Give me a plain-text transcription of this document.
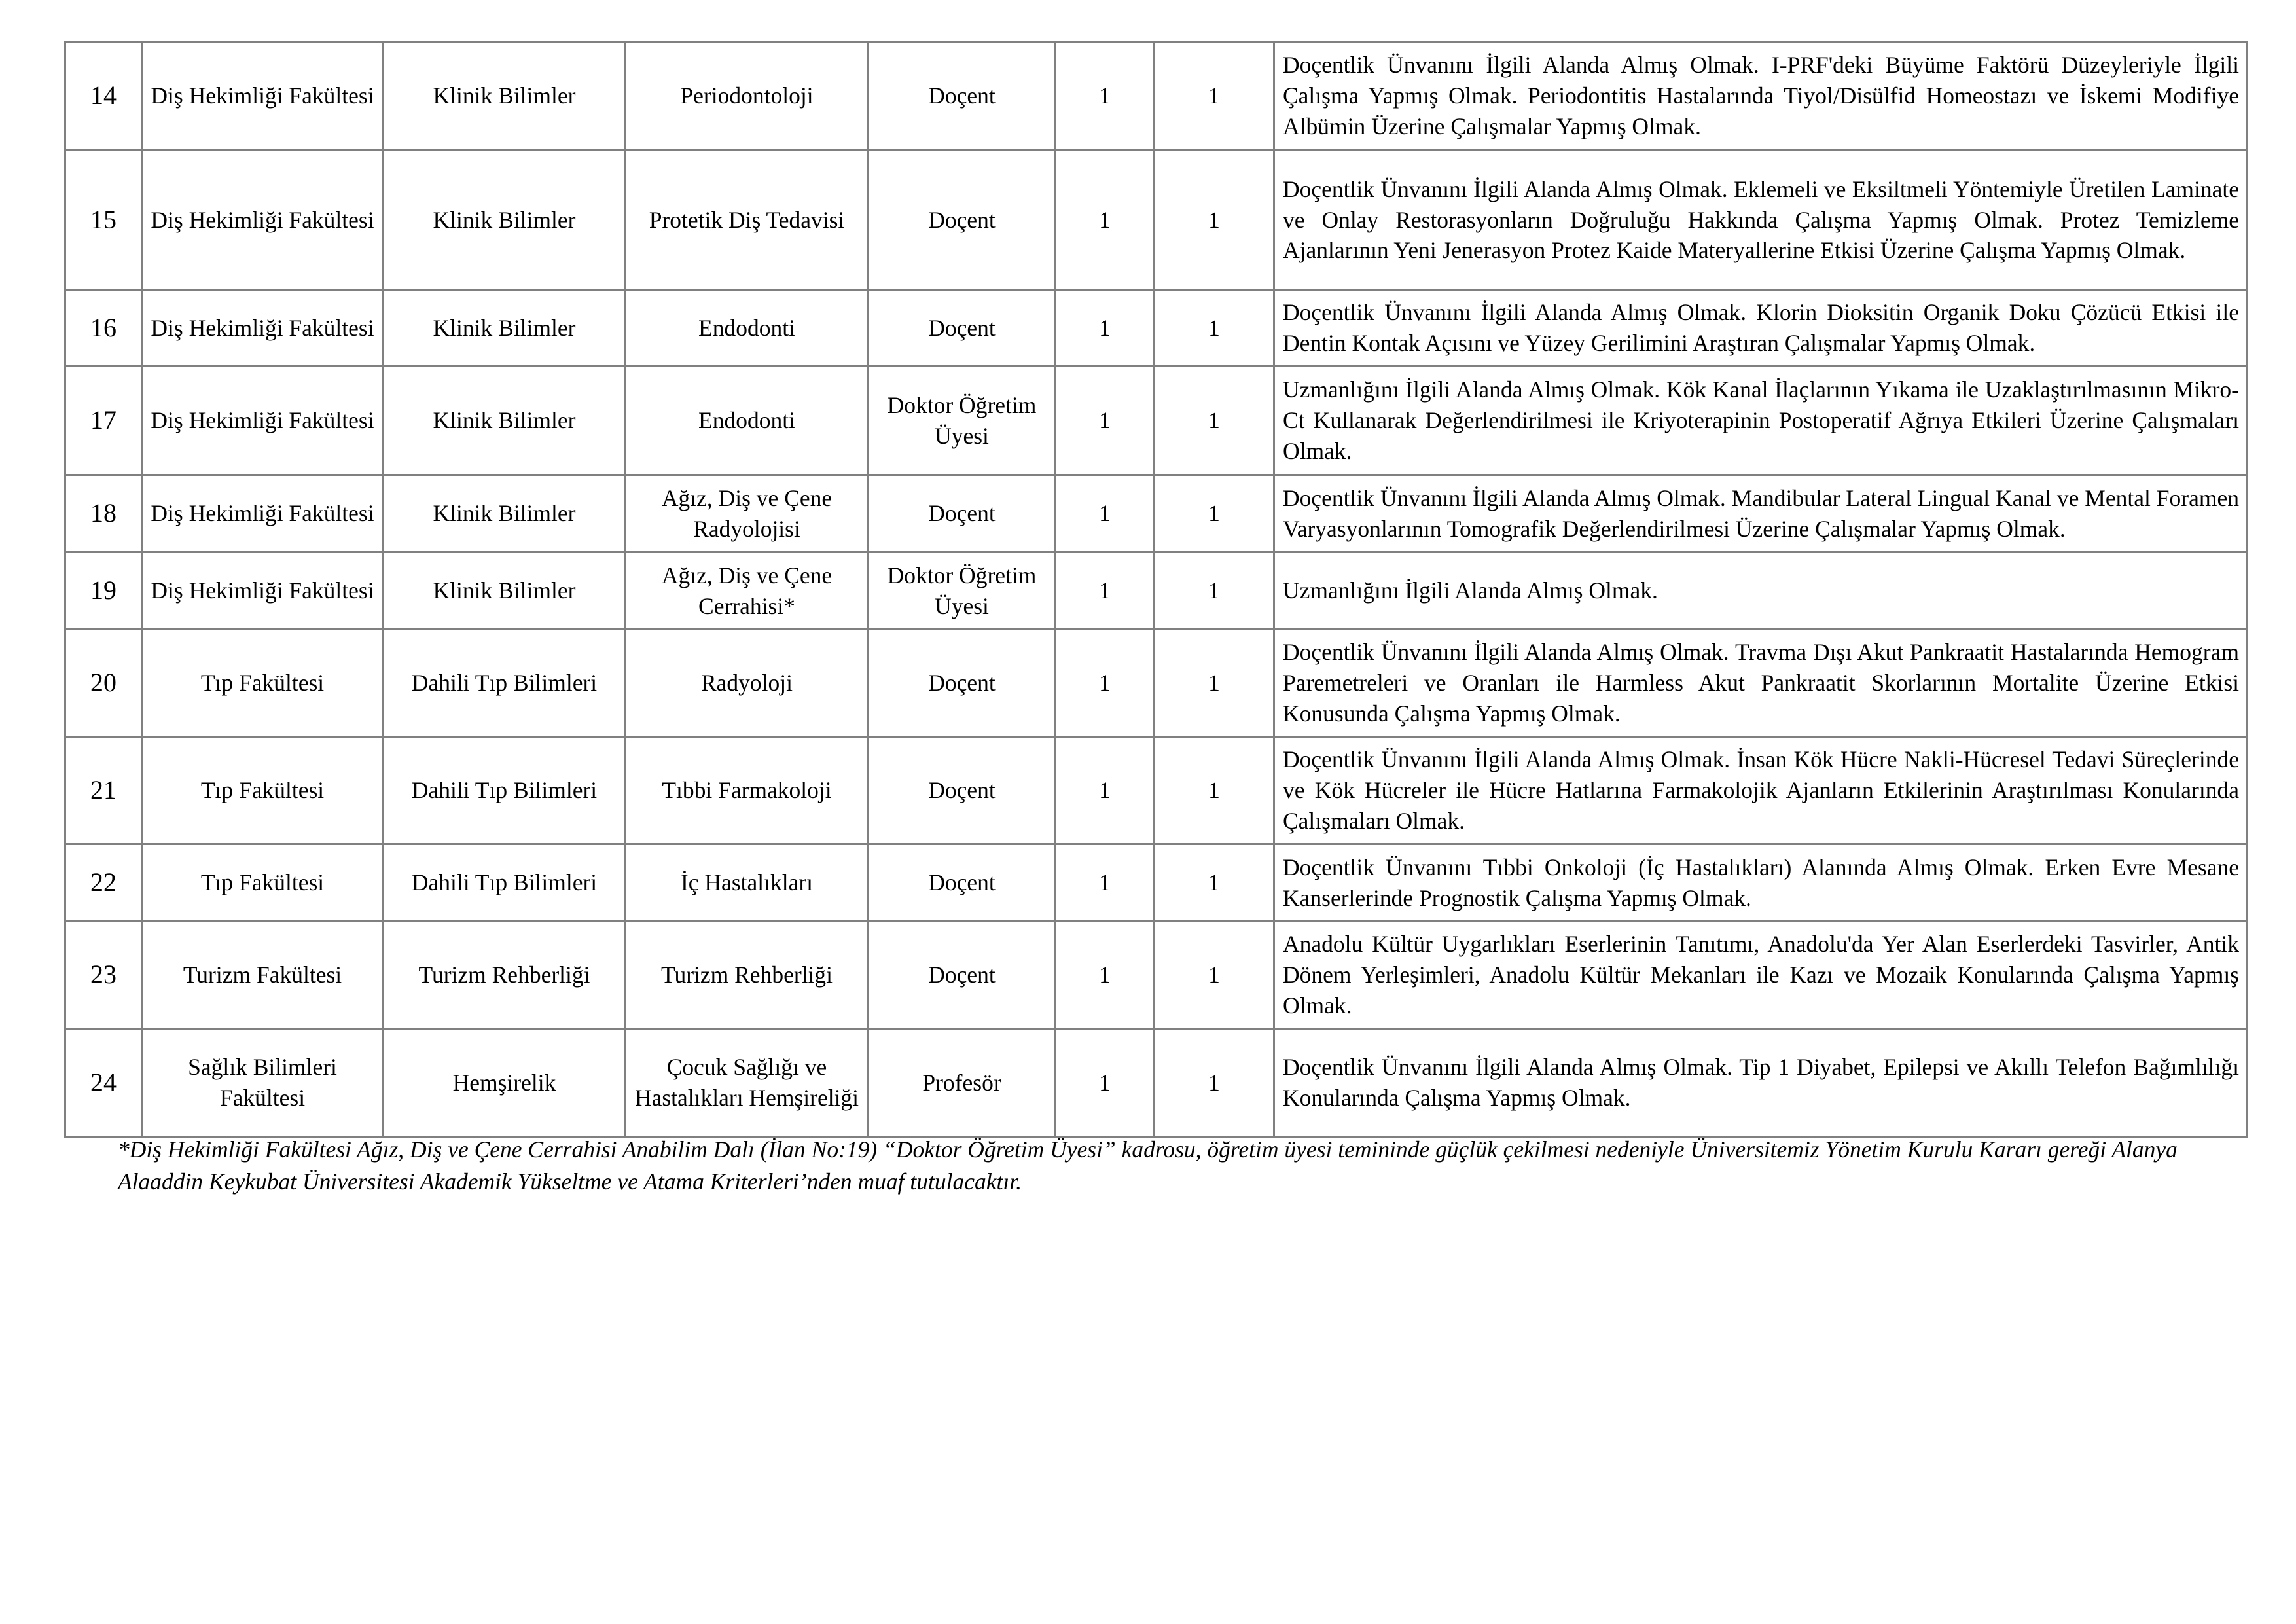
14	Diş Hekimliği Fakültesi	Klinik Bilimler	Periodontoloji	Doçent	1	1	Doçentlik Ünvanını İlgili Alanda Almış Olmak. I-PRF'deki Büyüme Faktörü Düzeyleriyle İlgili Çalışma Yapmış Olmak. Periodontitis Hastalarında Tiyol/Disülfid Homeostazı ve İskemi Modifiye Albümin Üzerine Çalışmalar Yapmış Olmak.
15	Diş Hekimliği Fakültesi	Klinik Bilimler	Protetik Diş Tedavisi	Doçent	1	1	Doçentlik Ünvanını İlgili Alanda Almış Olmak. Eklemeli ve Eksiltmeli Yöntemiyle Üretilen Laminate ve Onlay Restorasyonların Doğruluğu Hakkında Çalışma Yapmış Olmak. Protez Temizleme Ajanlarının Yeni Jenerasyon Protez Kaide Materyallerine Etkisi Üzerine Çalışma Yapmış Olmak.
16	Diş Hekimliği Fakültesi	Klinik Bilimler	Endodonti	Doçent	1	1	Doçentlik Ünvanını İlgili Alanda Almış Olmak. Klorin Dioksitin Organik Doku Çözücü Etkisi ile Dentin Kontak Açısını ve Yüzey Gerilimini Araştıran Çalışmalar Yapmış Olmak.
17	Diş Hekimliği Fakültesi	Klinik Bilimler	Endodonti	Doktor Öğretim Üyesi	1	1	Uzmanlığını İlgili Alanda Almış Olmak. Kök Kanal İlaçlarının Yıkama ile Uzaklaştırılmasının Mikro-Ct Kullanarak Değerlendirilmesi ile Kriyoterapinin Postoperatif Ağrıya Etkileri Üzerine Çalışmaları Olmak.
18	Diş Hekimliği Fakültesi	Klinik Bilimler	Ağız, Diş ve Çene Radyolojisi	Doçent	1	1	Doçentlik Ünvanını İlgili Alanda Almış Olmak. Mandibular Lateral Lingual Kanal ve Mental Foramen Varyasyonlarının Tomografik Değerlendirilmesi Üzerine Çalışmalar Yapmış Olmak.
19	Diş Hekimliği Fakültesi	Klinik Bilimler	Ağız, Diş ve Çene Cerrahisi*	Doktor Öğretim Üyesi	1	1	Uzmanlığını İlgili Alanda Almış Olmak.
20	Tıp Fakültesi	Dahili Tıp Bilimleri	Radyoloji	Doçent	1	1	Doçentlik Ünvanını İlgili Alanda Almış Olmak. Travma Dışı Akut Pankraatit Hastalarında Hemogram Paremetreleri ve Oranları ile Harmless Akut Pankraatit Skorlarının Mortalite Üzerine Etkisi Konusunda Çalışma Yapmış Olmak.
21	Tıp Fakültesi	Dahili Tıp Bilimleri	Tıbbi Farmakoloji	Doçent	1	1	Doçentlik Ünvanını İlgili Alanda Almış Olmak. İnsan Kök Hücre Nakli-Hücresel Tedavi Süreçlerinde ve Kök Hücreler ile Hücre Hatlarına Farmakolojik Ajanların Etkilerinin Araştırılması Konularında Çalışmaları Olmak.
22	Tıp Fakültesi	Dahili Tıp Bilimleri	İç Hastalıkları	Doçent	1	1	Doçentlik Ünvanını Tıbbi Onkoloji (İç Hastalıkları) Alanında Almış Olmak. Erken Evre Mesane Kanserlerinde Prognostik Çalışma Yapmış Olmak.
23	Turizm Fakültesi	Turizm Rehberliği	Turizm Rehberliği	Doçent	1	1	Anadolu Kültür Uygarlıkları Eserlerinin Tanıtımı, Anadolu'da Yer Alan Eserlerdeki Tasvirler, Antik Dönem Yerleşimleri, Anadolu Kültür Mekanları ile Kazı ve Mozaik Konularında Çalışma Yapmış Olmak.
24	Sağlık Bilimleri Fakültesi	Hemşirelik	Çocuk Sağlığı ve Hastalıkları Hemşireliği	Profesör	1	1	Doçentlik Ünvanını İlgili Alanda Almış Olmak. Tip 1 Diyabet, Epilepsi ve Akıllı Telefon Bağımlılığı Konularında Çalışma Yapmış Olmak.

*Diş Hekimliği Fakültesi Ağız, Diş ve Çene Cerrahisi Anabilim Dalı (İlan No:19) “Doktor Öğretim Üyesi” kadrosu, öğretim üyesi temininde güçlük çekilmesi nedeniyle Üniversitemiz Yönetim Kurulu Kararı gereği Alanya Alaaddin Keykubat Üniversitesi Akademik Yükseltme ve Atama Kriterleri’nden muaf tutulacaktır.
